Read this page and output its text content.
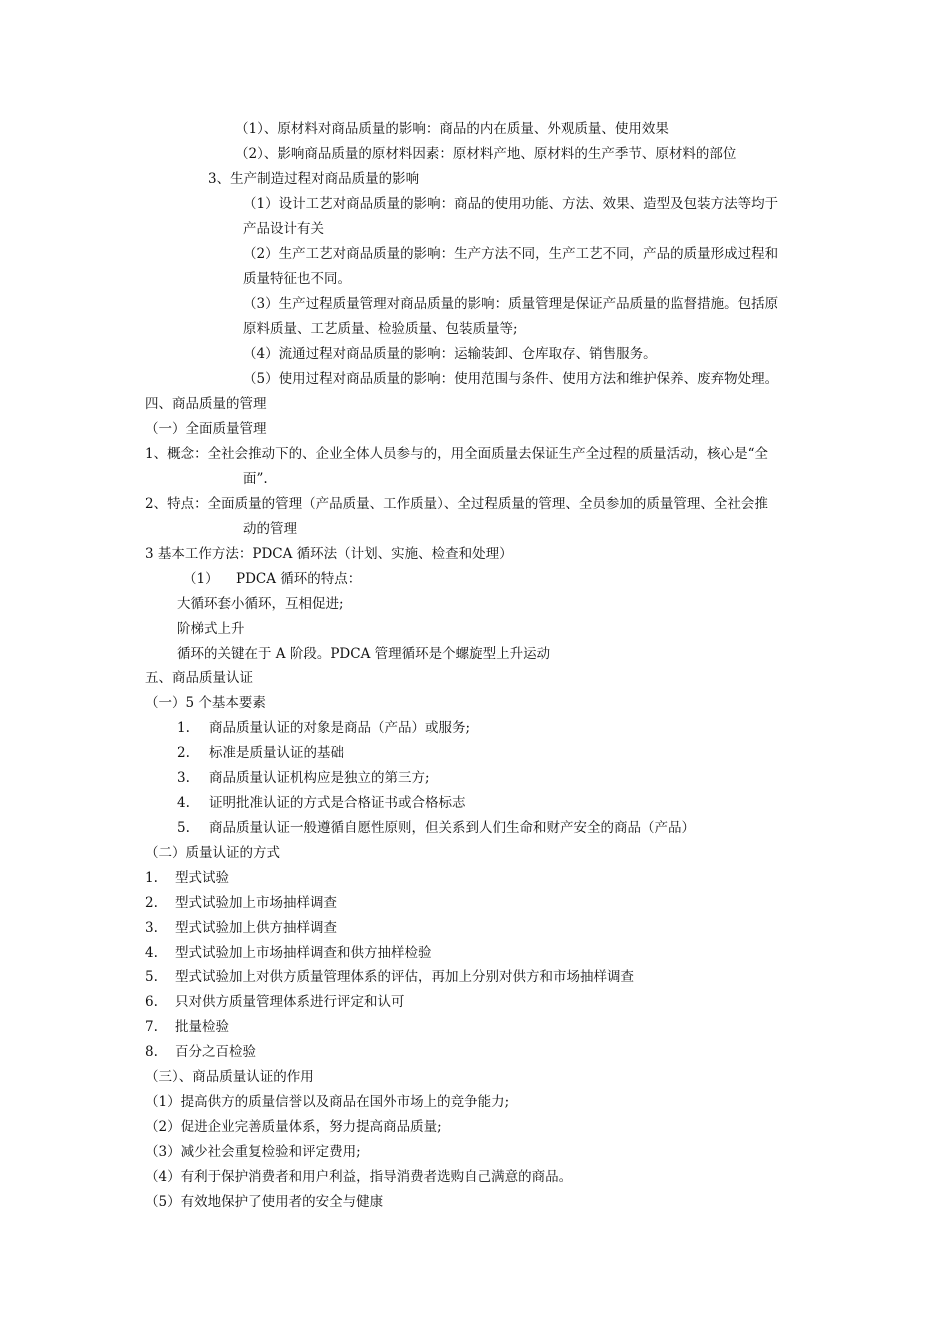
（1）、原材料对商品质量的影响：商品的内在质量、外观质量、使用效果
（2）、影响商品质量的原材料因素：原材料产地、原材料的生产季节、原材料的部位
3、生产制造过程对商品质量的影响
（1）设计工艺对商品质量的影响：商品的使用功能、方法、效果、造型及包装方法等均于
产品设计有关
（2）生产工艺对商品质量的影响：生产方法不同，生产工艺不同，产品的质量形成过程和
质量特征也不同。
（3）生产过程质量管理对商品质量的影响：质量管理是保证产品质量的监督措施。包括原
原料质量、工艺质量、检验质量、包装质量等;
（4）流通过程对商品质量的影响：运输装卸、仓库取存、销售服务。
（5）使用过程对商品质量的影响：使用范围与条件、使用方法和维护保养、废弃物处理。
四、商品质量的管理
（一）全面质量管理
1、概念：全社会推动下的、企业全体人员参与的，用全面质量去保证生产全过程的质量活动，核心是“全
面”.
2、特点：全面质量的管理（产品质量、工作质量）、全过程质量的管理、全员参加的质量管理、全社会推
动的管理
3 基本工作方法：PDCA 循环法（计划、实施、检查和处理）
（1） PDCA 循环的特点：
大循环套小循环，互相促进;
阶梯式上升
循环的关键在于 A 阶段。PDCA 管理循环是个螺旋型上升运动
五、商品质量认证
（一）5 个基本要素
1. 商品质量认证的对象是商品（产品）或服务;
2. 标准是质量认证的基础
3. 商品质量认证机构应是独立的第三方;
4. 证明批准认证的方式是合格证书或合格标志
5. 商品质量认证一般遵循自愿性原则，但关系到人们生命和财产安全的商品（产品）
（二）质量认证的方式
1. 型式试验
2. 型式试验加上市场抽样调查
3. 型式试验加上供方抽样调查
4. 型式试验加上市场抽样调查和供方抽样检验
5. 型式试验加上对供方质量管理体系的评估，再加上分别对供方和市场抽样调查
6. 只对供方质量管理体系进行评定和认可
7. 批量检验
8. 百分之百检验
（三）、商品质量认证的作用
（1）提高供方的质量信誉以及商品在国外市场上的竞争能力;
（2）促进企业完善质量体系，努力提高商品质量;
（3）减少社会重复检验和评定费用;
（4）有利于保护消费者和用户利益，指导消费者选购自己满意的商品。
（5）有效地保护了使用者的安全与健康
